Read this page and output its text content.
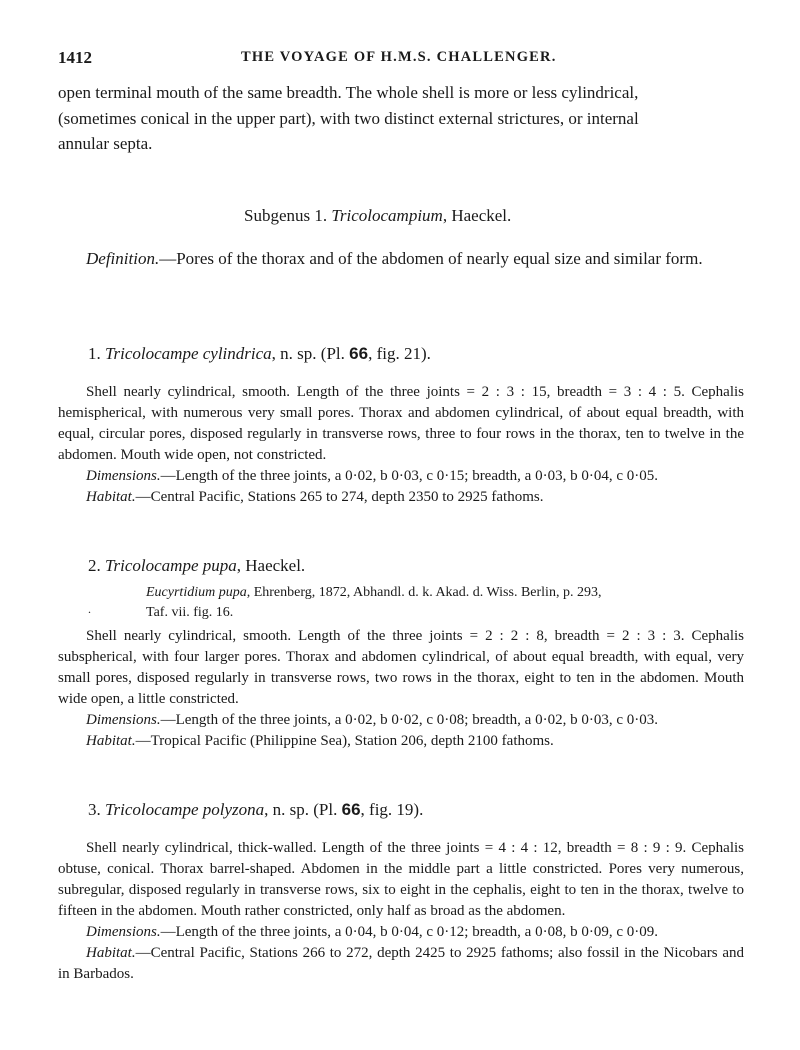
1412	THE VOYAGE OF H.M.S. CHALLENGER.

open terminal mouth of the same breadth. The whole shell is more or less cylindrical,

(sometimes conical in the upper part), with two distinct external strictures, or internal

annular septa.

Subgenus 1. Tricolocampium, Haeckel.

Definition.—Pores of the thorax and of the abdomen of nearly equal size and similar form.

1. Tricolocampe cylindrica, n. sp. (Pl. 66, fig. 21).

Shell nearly cylindrical, smooth. Length of the three joints = 2 : 3 : 15, breadth = 3 : 4 : 5. Cephalis hemispherical, with numerous very small pores. Thorax and abdomen cylindrical, of about equal breadth, with equal, circular pores, disposed regularly in transverse rows, three to four rows in the thorax, ten to twelve in the abdomen. Mouth wide open, not constricted.

Dimensions.—Length of the three joints, a 0·02, b 0·03, c 0·15; breadth, a 0·03, b 0·04, c 0·05.

Habitat.—Central Pacific, Stations 265 to 274, depth 2350 to 2925 fathoms.

2. Tricolocampe pupa, Haeckel.
Eucyrtidium pupa, Ehrenberg, 1872, Abhandl. d. k. Akad. d. Wiss. Berlin, p. 293,
Taf. vii. fig. 16.
.

Shell nearly cylindrical, smooth. Length of the three joints = 2 : 2 : 8, breadth = 2 : 3 : 3. Cephalis subspherical, with four larger pores. Thorax and abdomen cylindrical, of about equal breadth, with equal, very small pores, disposed regularly in transverse rows, two rows in the thorax, eight to ten in the abdomen. Mouth wide open, a little constricted.

Dimensions.—Length of the three joints, a 0·02, b 0·02, c 0·08; breadth, a 0·02, b 0·03, c 0·03.

Habitat.—Tropical Pacific (Philippine Sea), Station 206, depth 2100 fathoms.

3. Tricolocampe polyzona, n. sp. (Pl. 66, fig. 19).

Shell nearly cylindrical, thick-walled. Length of the three joints = 4 : 4 : 12, breadth = 8 : 9 : 9. Cephalis obtuse, conical. Thorax barrel-shaped. Abdomen in the middle part a little constricted. Pores very numerous, subregular, disposed regularly in transverse rows, six to eight in the cephalis, eight to ten in the thorax, twelve to fifteen in the abdomen. Mouth rather constricted, only half as broad as the abdomen.

Dimensions.—Length of the three joints, a 0·04, b 0·04, c 0·12; breadth, a 0·08, b 0·09, c 0·09.

Habitat.—Central Pacific, Stations 266 to 272, depth 2425 to 2925 fathoms; also fossil in the Nicobars and in Barbados.
